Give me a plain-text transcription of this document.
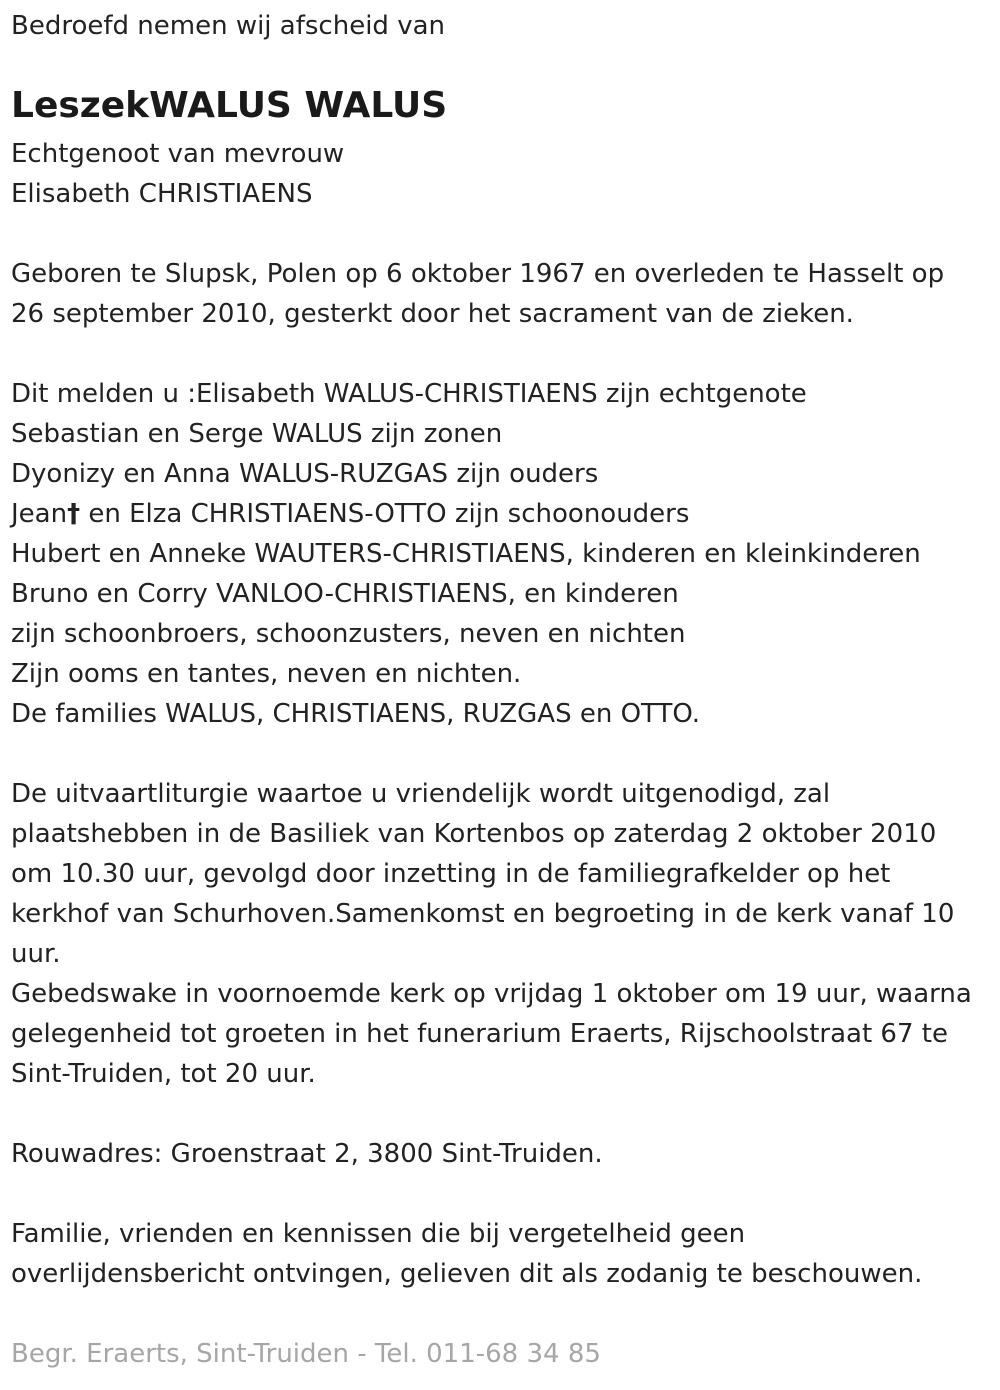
Bedroefd nemen wij afscheid van

LeszekWALUS WALUS

Echtgenoot van mevrouw

Elisabeth CHRISTIAENS

Geboren te Slupsk, Polen op 6 oktober 1967 en overleden te Hasselt op

26 september 2010, gesterkt door het sacrament van de zieken.

Dit melden u :Elisabeth WALUS-CHRISTIAENS zijn echtgenote

Sebastian en Serge WALUS zijn zonen

Dyonizy en Anna WALUS-RUZGAS zijn ouders

Jean† en Elza CHRISTIAENS-OTTO zijn schoonouders

Hubert en Anneke WAUTERS-CHRISTIAENS, kinderen en kleinkinderen

Bruno en Corry VANLOO-CHRISTIAENS, en kinderen

zijn schoonbroers, schoonzusters, neven en nichten

Zijn ooms en tantes, neven en nichten.

De families WALUS, CHRISTIAENS, RUZGAS en OTTO.

De uitvaartliturgie waartoe u vriendelijk wordt uitgenodigd, zal

plaatshebben in de Basiliek van Kortenbos op zaterdag 2 oktober 2010

om 10.30 uur, gevolgd door inzetting in de familiegrafkelder op het

kerkhof van Schurhoven.Samenkomst en begroeting in de kerk vanaf 10

uur.

Gebedswake in voornoemde kerk op vrijdag 1 oktober om 19 uur, waarna

gelegenheid tot groeten in het funerarium Eraerts, Rijschoolstraat 67 te

Sint-Truiden, tot 20 uur.

Rouwadres: Groenstraat 2, 3800 Sint-Truiden.

Familie, vrienden en kennissen die bij vergetelheid geen

overlijdensbericht ontvingen, gelieven dit als zodanig te beschouwen.

Begr. Eraerts, Sint-Truiden - Tel. 011-68 34 85
